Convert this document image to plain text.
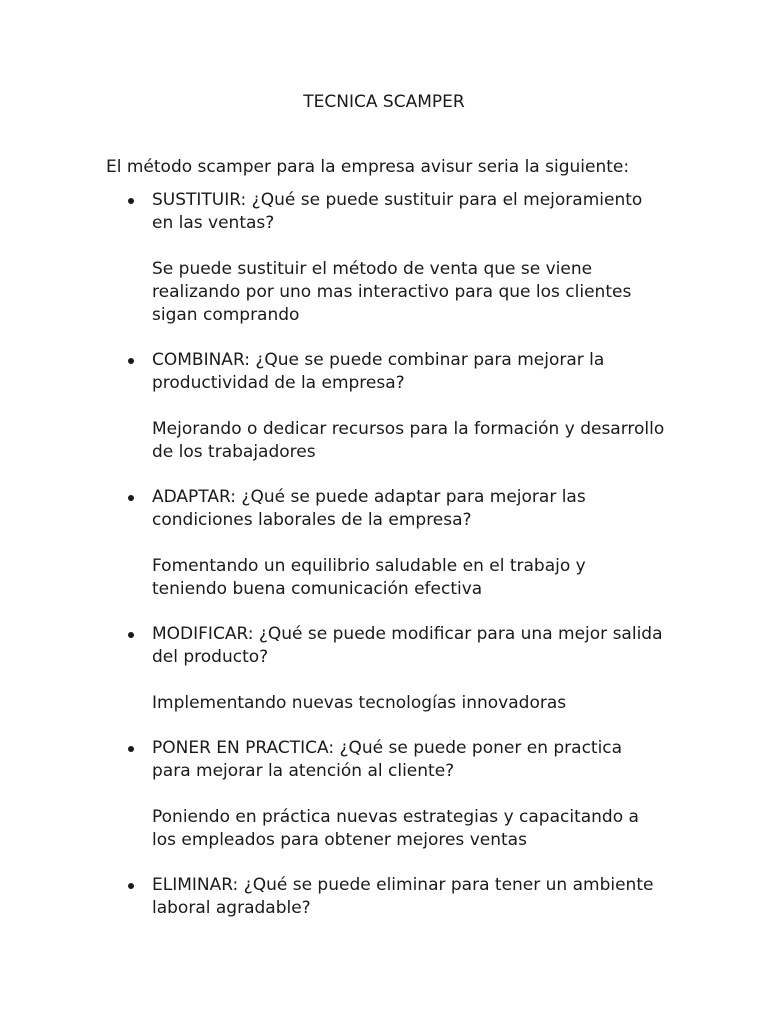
TECNICA SCAMPER

El método scamper para la empresa avisur seria la siguiente:

SUSTITUIR: ¿Qué se puede sustituir para el mejoramiento en las ventas?
Se puede sustituir el método de venta que se viene realizando por uno mas interactivo para que los clientes sigan comprando
COMBINAR: ¿Que se puede combinar para mejorar la productividad de la empresa?
Mejorando o dedicar recursos para la formación y desarrollo de los trabajadores
ADAPTAR: ¿Qué se puede adaptar para mejorar las condiciones laborales de la empresa?
Fomentando un equilibrio saludable en el trabajo y teniendo buena comunicación efectiva
MODIFICAR: ¿Qué se puede modificar para una mejor salida del producto?
Implementando nuevas tecnologías innovadoras
PONER EN PRACTICA: ¿Qué se puede poner en practica para mejorar la atención al cliente?
Poniendo en práctica nuevas estrategias y capacitando a los empleados para obtener mejores ventas
ELIMINAR: ¿Qué se puede eliminar para tener un ambiente laboral agradable?
